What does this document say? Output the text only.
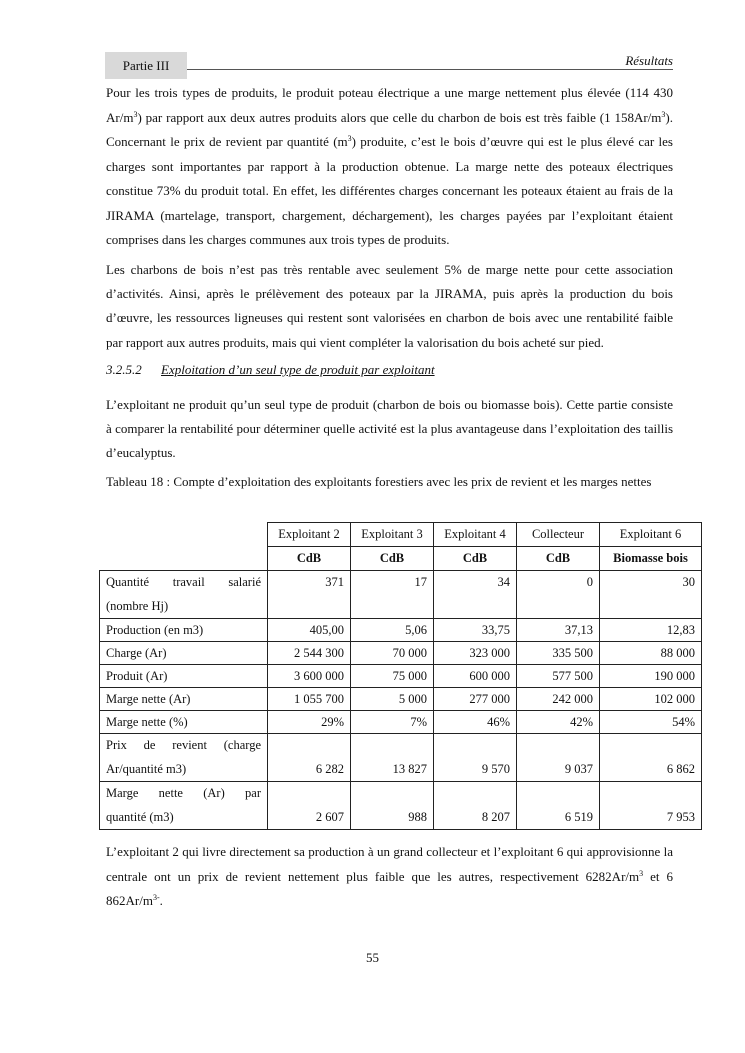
Partie III	Résultats
Pour les trois types de produits, le produit poteau électrique a une marge nettement plus élevée (114 430 $Ar/m^3$) par rapport aux deux autres produits alors que celle du charbon de bois est très faible (1 $158Ar/m^3$). Concernant le prix de revient par quantité $(m^3)$ produite, c’est le bois d’œuvre qui est le plus élevé car les charges sont importantes par rapport à la production obtenue. La marge nette des poteaux électriques constitue 73% du produit total. En effet, les différentes charges concernant les poteaux étaient au frais de la JIRAMA (martelage, transport, chargement, déchargement), les charges payées par l’exploitant étaient comprises dans les charges communes aux trois types de produits.
Les charbons de bois n’est pas très rentable avec seulement 5% de marge nette pour cette association d’activités. Ainsi, après le prélèvement des poteaux par la JIRAMA, puis après la production du bois d’œuvre, les ressources ligneuses qui restent sont valorisées en charbon de bois avec une rentabilité faible par rapport aux autres produits, mais qui vient compléter la valorisation du bois acheté sur pied.
3.2.5.2 Exploitation d’un seul type de produit par exploitant
L’exploitant ne produit qu’un seul type de produit (charbon de bois ou biomasse bois). Cette partie consiste à comparer la rentabilité pour déterminer quelle activité est la plus avantageuse dans l’exploitation des taillis d’eucalyptus.
Tableau 18 : Compte d’exploitation des exploitants forestiers avec les prix de revient et les marges nettes
	Exploitant 2	Exploitant 3	Exploitant 4	Collecteur	Exploitant 6
	CdB	CdB	CdB	CdB	Biomasse bois

Quantité travail salarié
(nombre Hj)	371	17	34	0	30
Production (en m3)	405,00	5,06	33,75	37,13	12,83
Charge (Ar)	2 544 300	70 000	323 000	335 500	88 000
Produit (Ar)	3 600 000	75 000	600 000	577 500	190 000
Marge nette (Ar)	1 055 700	5 000	277 000	242 000	102 000
Marge nette (%)	29%	7%	46%	42%	54%

Prix de revient (charge
Ar/quantité m3)	6 282	13 827	9 570	9 037	6 862

Marge nette (Ar) par
quantité (m3)	2 607	988	8 207	6 519	7 953
L’exploitant 2 qui livre directement sa production à un grand collecteur et l’exploitant 6 qui approvisionne la centrale ont un prix de revient nettement plus faible que les autres, respectivement $6282Ar/m^3$ et 6 $862Ar/m^{3-}$.
55
